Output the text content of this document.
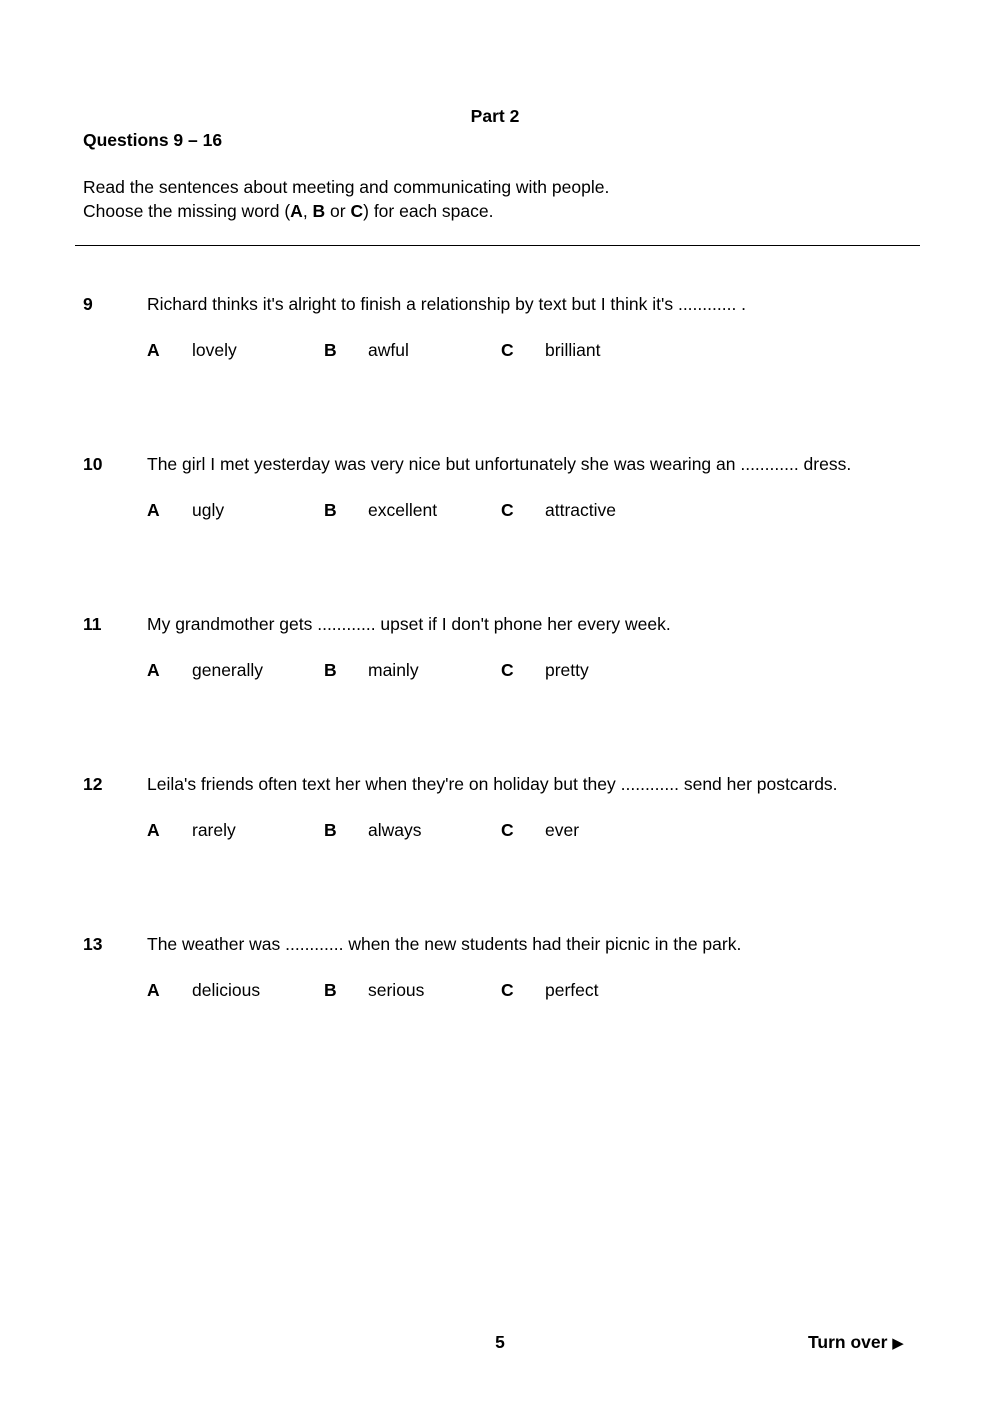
Part 2
Questions 9 – 16
Read the sentences about meeting and communicating with people.
Choose the missing word (A, B or C) for each space.
9	Richard thinks it's alright to finish a relationship by text but I think it's ............ .
A lovely	B awful	C brilliant
10	The girl I met yesterday was very nice but unfortunately she was wearing an ............ dress.
A ugly	B excellent	C attractive
11	My grandmother gets ............ upset if I don't phone her every week.
A generally	B mainly	C pretty
12	Leila's friends often text her when they're on holiday but they ............ send her postcards.
A rarely	B always	C ever
13	The weather was ............ when the new students had their picnic in the park.
A delicious	B serious	C perfect
5	Turn over ▶
